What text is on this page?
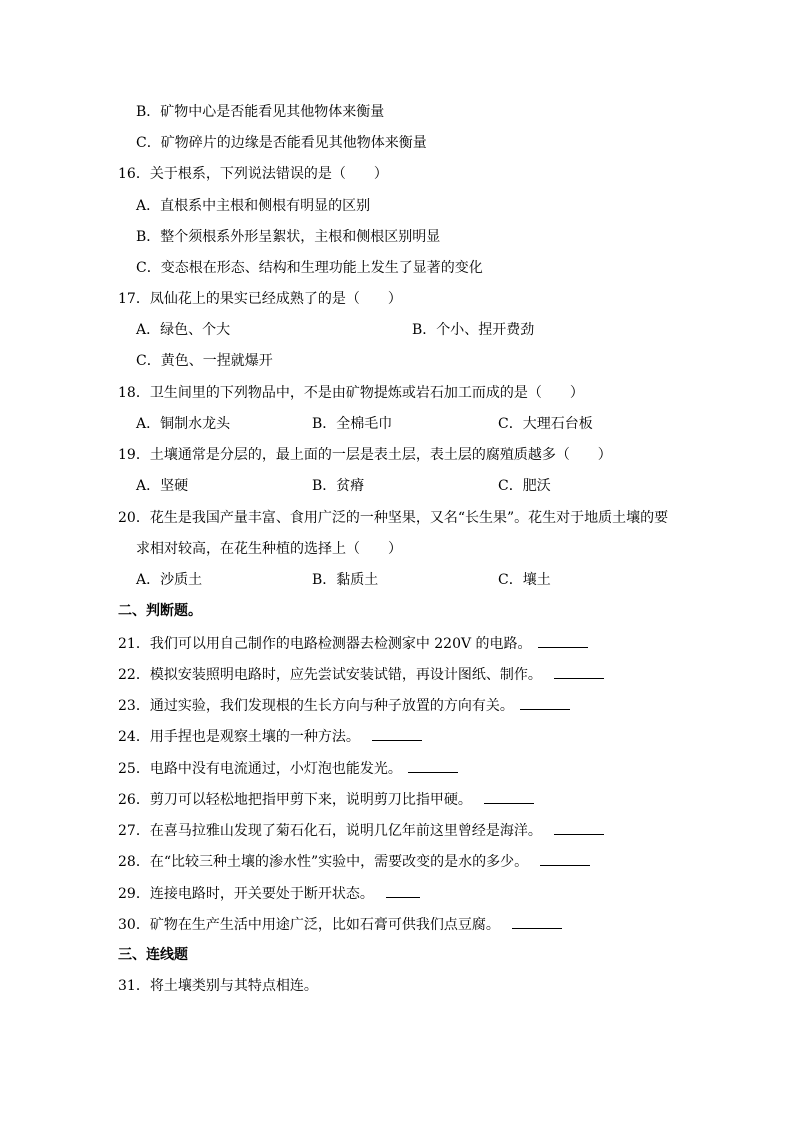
B．矿物中心是否能看见其他物体来衡量
C．矿物碎片的边缘是否能看见其他物体来衡量
16．关于根系，下列说法错误的是（　　）
A．直根系中主根和侧根有明显的区别
B．整个须根系外形呈絮状，主根和侧根区别明显
C．变态根在形态、结构和生理功能上发生了显著的变化
17．凤仙花上的果实已经成熟了的是（　　）
A．绿色、个大	B．个小、捏开费劲
C．黄色、一捏就爆开
18．卫生间里的下列物品中，不是由矿物提炼或岩石加工而成的是（　　）
A．铜制水龙头	B．全棉毛巾	C．大理石台板
19．土壤通常是分层的，最上面的一层是表土层，表土层的腐殖质越多（　　）
A．坚硬	B．贫瘠	C．肥沃
20．花生是我国产量丰富、食用广泛的一种坚果，又名“长生果”。花生对于地质土壤的要
求相对较高，在花生种植的选择上（　　）
A．沙质土	B．黏质土	C．壤土
二、判断题。
21．我们可以用自己制作的电路检测器去检测家中 220V 的电路。
22．模拟安装照明电路时，应先尝试安装试错，再设计图纸、制作。
23．通过实验，我们发现根的生长方向与种子放置的方向有关。
24．用手捏也是观察土壤的一种方法。
25．电路中没有电流通过，小灯泡也能发光。
26．剪刀可以轻松地把指甲剪下来，说明剪刀比指甲硬。
27．在喜马拉雅山发现了菊石化石，说明几亿年前这里曾经是海洋。
28．在“比较三种土壤的渗水性”实验中，需要改变的是水的多少。
29．连接电路时，开关要处于断开状态。
30．矿物在生产生活中用途广泛，比如石膏可供我们点豆腐。
三、连线题
31．将土壤类别与其特点相连。
